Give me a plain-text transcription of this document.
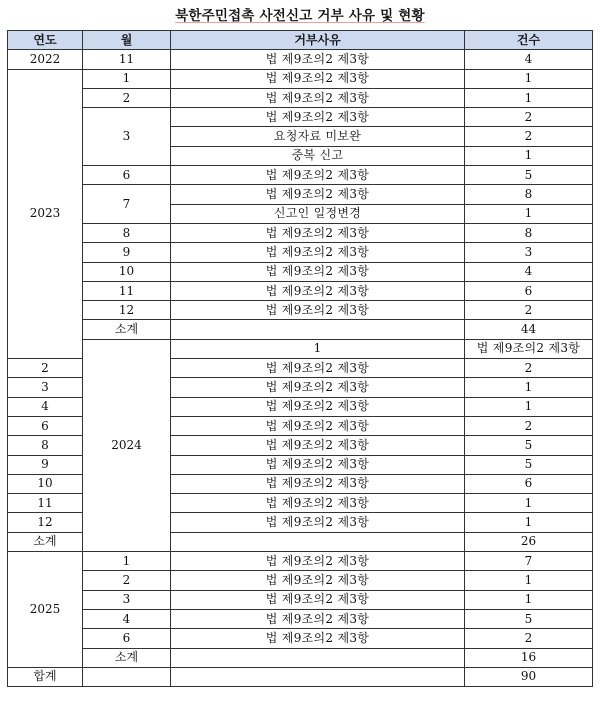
북한주민접촉 사전신고 거부 사유 및 현황
연도	월	거부사유	건수	
2022	11	법 제9조의2 제3항	4	
2023	1	법 제9조의2 제3항	1	
	2	법 제9조의2 제3항	1	
	3	법 제9조의2 제3항	2	
		요청자료 미보완	2	
		중복 신고	1	
	6	법 제9조의2 제3항	5	
	7	법 제9조의2 제3항	8	
		신고인 일정변경	1	
	8	법 제9조의2 제3항	8	
	9	법 제9조의2 제3항	3	
	10	법 제9조의2 제3항	4	
	11	법 제9조의2 제3항	6	
	12	법 제9조의2 제3항	2	
	소계		44	
	2024	1	법 제9조의2 제3항	
2		법 제9조의2 제3항	2	
3		법 제9조의2 제3항	1	
4		법 제9조의2 제3항	1	
6		법 제9조의2 제3항	2	
8		법 제9조의2 제3항	5	
9		법 제9조의2 제3항	5	
10		법 제9조의2 제3항	6	
11		법 제9조의2 제3항	1	
12		법 제9조의2 제3항	1	
소계			26	
2025	1	법 제9조의2 제3항	7	
	2	법 제9조의2 제3항	1	
	3	법 제9조의2 제3항	1	
	4	법 제9조의2 제3항	5	
	6	법 제9조의2 제3항	2	
	소계		16	
합계			90	
